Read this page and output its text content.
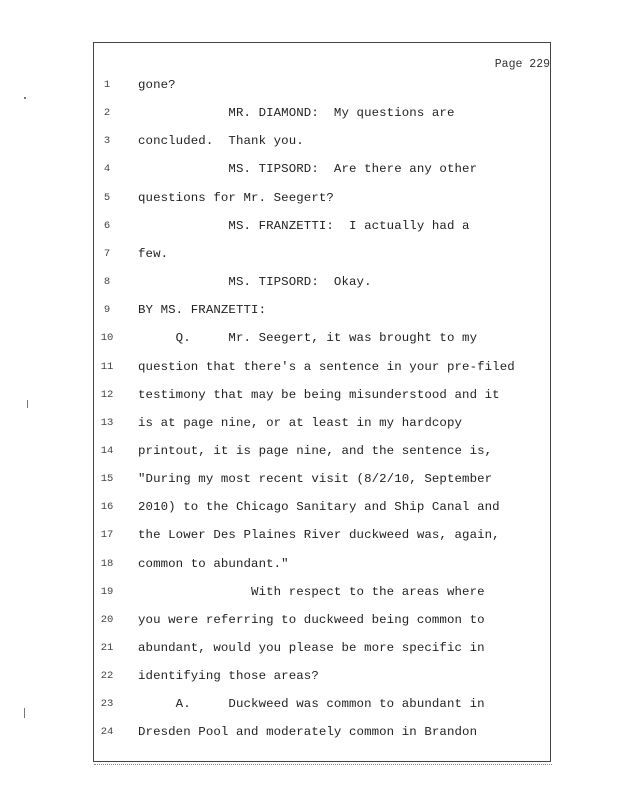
Page 229
1	gone?
2	MR. DIAMOND:  My questions are
3	concluded.  Thank you.
4	MS. TIPSORD:  Are there any other
5	questions for Mr. Seegert?
6	MS. FRANZETTI:  I actually had a
7	few.
8	MS. TIPSORD:  Okay.
9	BY MS. FRANZETTI:
10	Q.     Mr. Seegert, it was brought to my
11	question that there's a sentence in your pre-filed
12	testimony that may be being misunderstood and it
13	is at page nine, or at least in my hardcopy
14	printout, it is page nine, and the sentence is,
15	"During my most recent visit (8/2/10, September
16	2010) to the Chicago Sanitary and Ship Canal and
17	the Lower Des Plaines River duckweed was, again,
18	common to abundant."
19	With respect to the areas where
20	you were referring to duckweed being common to
21	abundant, would you please be more specific in
22	identifying those areas?
23	A.     Duckweed was common to abundant in
24	Dresden Pool and moderately common in Brandon
